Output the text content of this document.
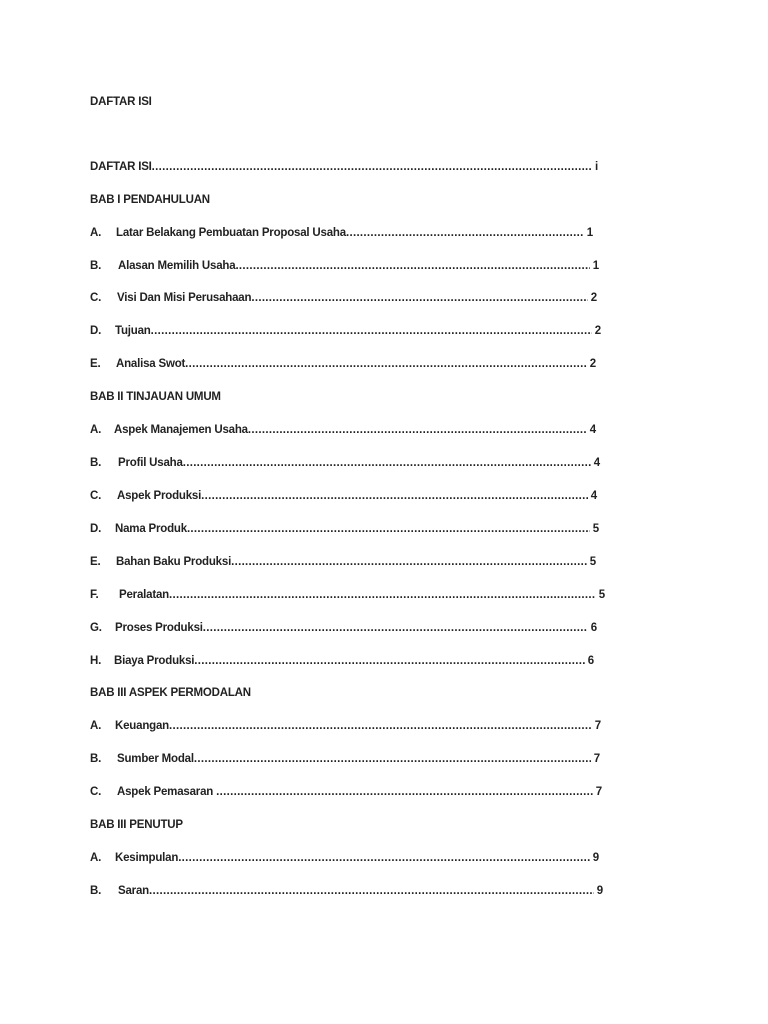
DAFTAR ISI
DAFTAR ISI .....	i
BAB I PENDAHULUAN
A.	Latar Belakang Pembuatan Proposal Usaha .....	1
B.	Alasan Memilih Usaha .....	1
C.	Visi Dan Misi Perusahaan .....	2
D.	Tujuan .....	2
E.	Analisa Swot .....	2
BAB II TINJAUAN UMUM
A.	Aspek Manajemen Usaha .....	4
B.	Profil Usaha .....	4
C.	Aspek Produksi .....	4
D.	Nama Produk .....	5
E.	Bahan Baku Produksi .....	5
F.	Peralatan .....	5
G.	Proses Produksi .....	6
H.	Biaya Produksi .....	6
BAB III ASPEK PERMODALAN
A.	Keuangan .....	7
B.	Sumber Modal .....	7
C.	Aspek Pemasaran .....	7
BAB III PENUTUP
A.	Kesimpulan .....	9
B.	Saran .....	9
